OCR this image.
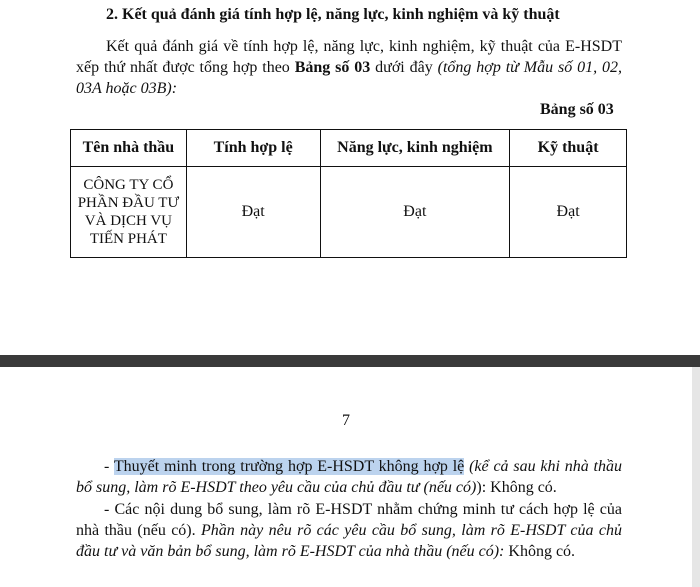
2. Kết quả đánh giá tính hợp lệ, năng lực, kinh nghiệm và kỹ thuật
Kết quả đánh giá về tính hợp lệ, năng lực, kinh nghiệm, kỹ thuật của E-HSDT xếp thứ nhất được tổng hợp theo Bảng số 03 dưới đây (tổng hợp từ Mẫu số 01, 02, 03A hoặc 03B):
Bảng số 03
Tên nhà thầu	Tính hợp lệ	Năng lực, kinh nghiệm	Kỹ thuật

CÔNG TY CỔ PHẦN ĐẦU TƯ VÀ DỊCH VỤ TIẾN PHÁT	Đạt	Đạt	Đạt
7
- Thuyết minh trong trường hợp E-HSDT không hợp lệ (kể cả sau khi nhà thầu bổ sung, làm rõ E-HSDT theo yêu cầu của chủ đầu tư (nếu có)): Không có.
- Các nội dung bổ sung, làm rõ E-HSDT nhằm chứng minh tư cách hợp lệ của nhà thầu (nếu có). Phần này nêu rõ các yêu cầu bổ sung, làm rõ E-HSDT của chủ đầu tư và văn bản bổ sung, làm rõ E-HSDT của nhà thầu (nếu có): Không có.
